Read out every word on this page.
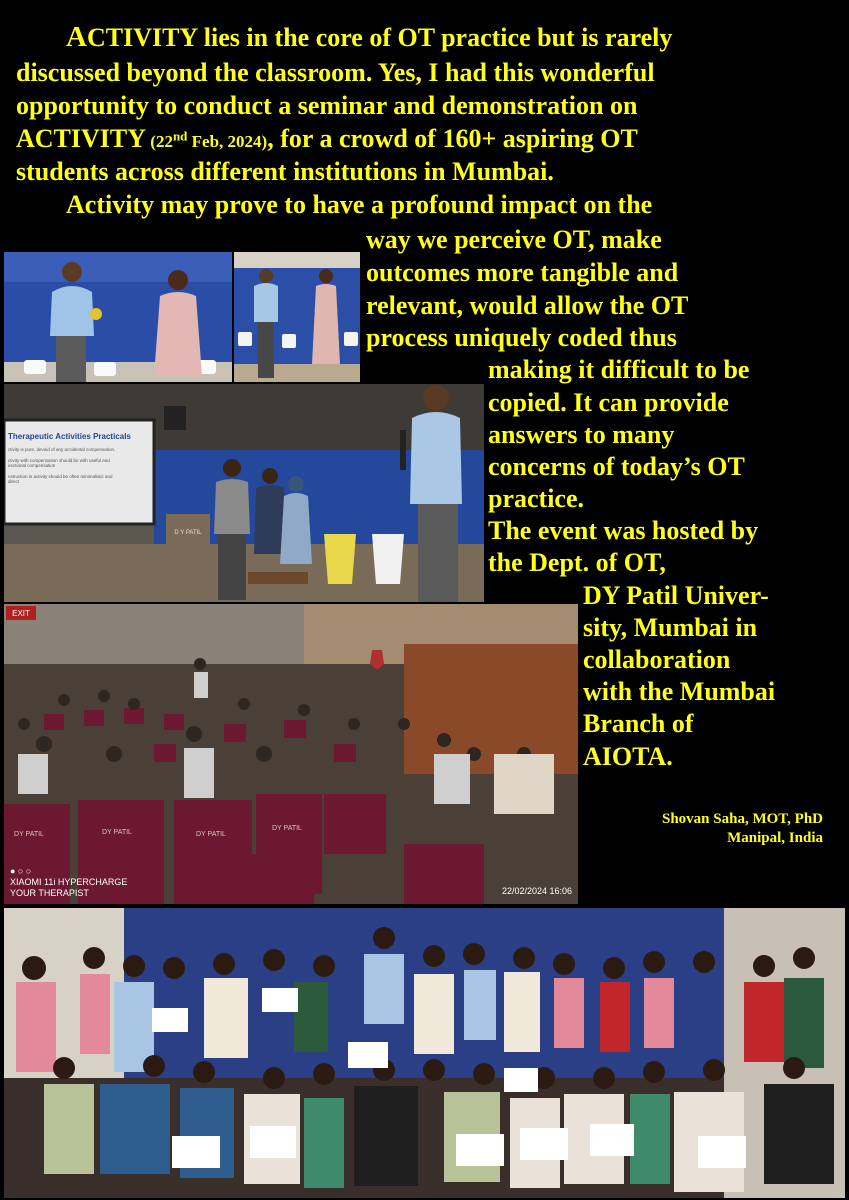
ACTIVITY lies in the core of OT practice but is rarely
discussed beyond the classroom. Yes, I had this wonderful
opportunity to conduct a seminar and demonstration on
ACTIVITY (22nd Feb, 2024), for a crowd of 160+ aspiring OT
students across different institutions in Mumbai.
Activity may prove to have a profound impact on the
way we perceive OT, make
outcomes more tangible and
relevant, would allow the OT
process uniquely coded thus
making it difficult to be
copied. It can provide
answers to many
concerns of today’s OT
practice.
The event was hosted by
the Dept. of OT,
DY Patil Univer-
sity, Mumbai in
collaboration
with the Mumbai
Branch of
AIOTA.
Shovan Saha, MOT, PhD
Manipal, India
D Y PATIL
Therapeutic Activities Practicals
ctivity is pure, devoid of any accidental compensation.
ctivity with compensation should be with useful and
irectional compensation
nstruction in activity should be often minimalistic and
direct
EXIT
DY PATIL	DY PATIL	DY PATIL
DY PATIL
● ○ ○
XIAOMI 11i HYPERCHARGE
YOUR THERAPIST	22/02/2024 16:06
